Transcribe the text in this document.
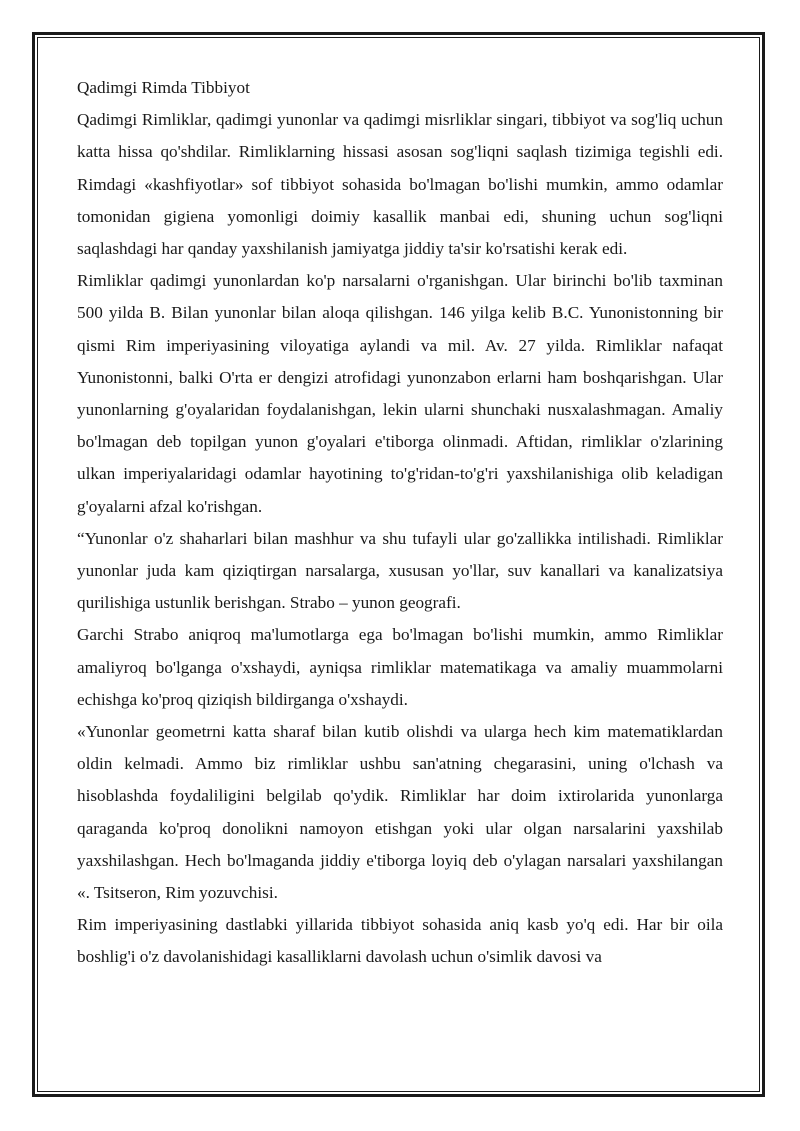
Qadimgi Rimda Tibbiyot

Qadimgi Rimliklar, qadimgi yunonlar va qadimgi misrliklar singari, tibbiyot va sog'liq uchun katta hissa qo'shdilar. Rimliklarning hissasi asosan sog'liqni saqlash tizimiga tegishli edi. Rimdagi «kashfiyotlar» sof tibbiyot sohasida bo'lmagan bo'lishi mumkin, ammo odamlar tomonidan gigiena yomonligi doimiy kasallik manbai edi, shuning uchun sog'liqni saqlashdagi har qanday yaxshilanish jamiyatga jiddiy ta'sir ko'rsatishi kerak edi.

Rimliklar qadimgi yunonlardan ko'p narsalarni o'rganishgan. Ular birinchi bo'lib taxminan 500 yilda B. Bilan yunonlar bilan aloqa qilishgan. 146 yilga kelib B.C. Yunonistonning bir qismi Rim imperiyasining viloyatiga aylandi va mil. Av. 27 yilda. Rimliklar nafaqat Yunonistonni, balki O'rta er dengizi atrofidagi yunonzabon erlarni ham boshqarishgan. Ular yunonlarning g'oyalaridan foydalanishgan, lekin ularni shunchaki nusxalashmagan. Amaliy bo'lmagan deb topilgan yunon g'oyalari e'tiborga olinmadi. Aftidan, rimliklar o'zlarining ulkan imperiyalaridagi odamlar hayotining to'g'ridan-to'g'ri yaxshilanishiga olib keladigan g'oyalarni afzal ko'rishgan.

“Yunonlar o'z shaharlari bilan mashhur va shu tufayli ular go'zallikka intilishadi. Rimliklar yunonlar juda kam qiziqtirgan narsalarga, xususan yo'llar, suv kanallari va kanalizatsiya qurilishiga ustunlik berishgan. Strabo – yunon geografi.

Garchi Strabo aniqroq ma'lumotlarga ega bo'lmagan bo'lishi mumkin, ammo Rimliklar amaliyroq bo'lganga o'xshaydi, ayniqsa rimliklar matematikaga va amaliy muammolarni echishga ko'proq qiziqish bildirganga o'xshaydi.

«Yunonlar geometrni katta sharaf bilan kutib olishdi va ularga hech kim matematiklardan oldin kelmadi. Ammo biz rimliklar ushbu san'atning chegarasini, uning o'lchash va hisoblashda foydaliligini belgilab qo'ydik. Rimliklar har doim ixtirolarida yunonlarga qaraganda ko'proq donolikni namoyon etishgan yoki ular olgan narsalarini yaxshilab yaxshilashgan. Hech bo'lmaganda jiddiy e'tiborga loyiq deb o'ylagan narsalari yaxshilangan «. Tsitseron, Rim yozuvchisi.

Rim imperiyasining dastlabki yillarida tibbiyot sohasida aniq kasb yo'q edi. Har bir oila boshlig'i o'z davolanishidagi kasalliklarni davolash uchun o'simlik davosi va
